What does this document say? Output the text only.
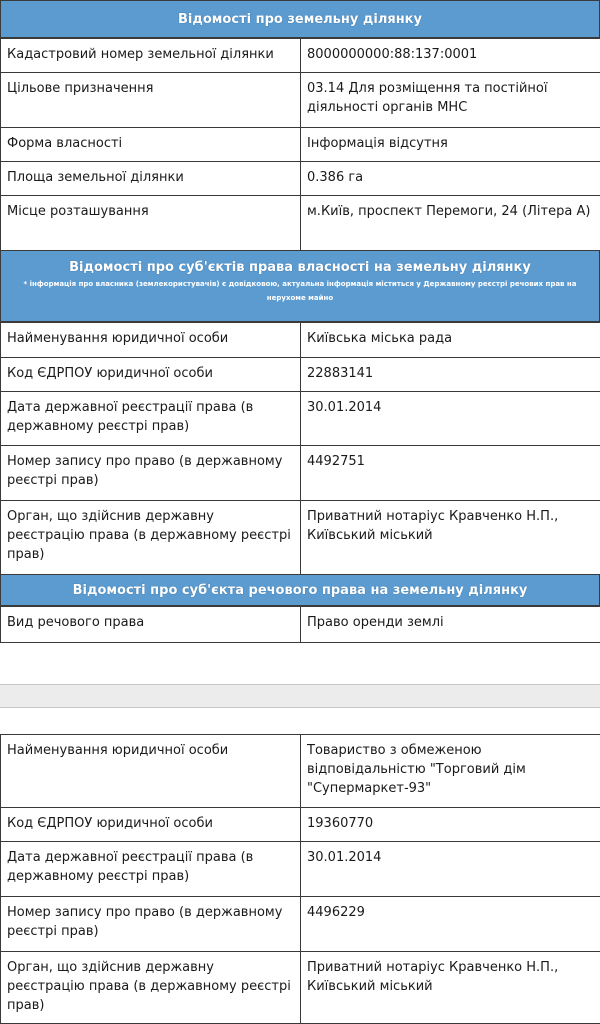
Відомості про земельну ділянку
Кадастровий номер земельної ділянки	8000000000:88:137:0001
Цільове призначення	03.14 Для розміщення та постійної діяльності органів МНС
Форма власності	Інформація відсутня
Площа земельної ділянки	0.386 га
Місце розташування	м.Київ, проспект Перемоги, 24 (Літера А)
Відомості про суб'єктів права власності на земельну ділянку
* інформація про власника (землекористувачів) є довідковою, актуальна інформація міститься у Державному реєстрі речових прав на нерухоме майно
Найменування юридичної особи	Київська міська рада
Код ЄДРПОУ юридичної особи	22883141
Дата державної реєстрації права (в державному реєстрі прав)	30.01.2014
Номер запису про право (в державному реєстрі прав)	4492751
Орган, що здійснив державну реєстрацію права (в державному реєстрі прав)	Приватний нотаріус Кравченко Н.П., Київський міський
Відомості про суб'єкта речового права на земельну ділянку
Вид речового права	Право оренди землі
Найменування юридичної особи	Товариство з обмеженою відповідальністю "Торговий дім "Супермаркет-93"
Код ЄДРПОУ юридичної особи	19360770
Дата державної реєстрації права (в державному реєстрі прав)	30.01.2014
Номер запису про право (в державному реєстрі прав)	4496229
Орган, що здійснив державну реєстрацію права (в державному реєстрі прав)	Приватний нотаріус Кравченко Н.П., Київський міський
